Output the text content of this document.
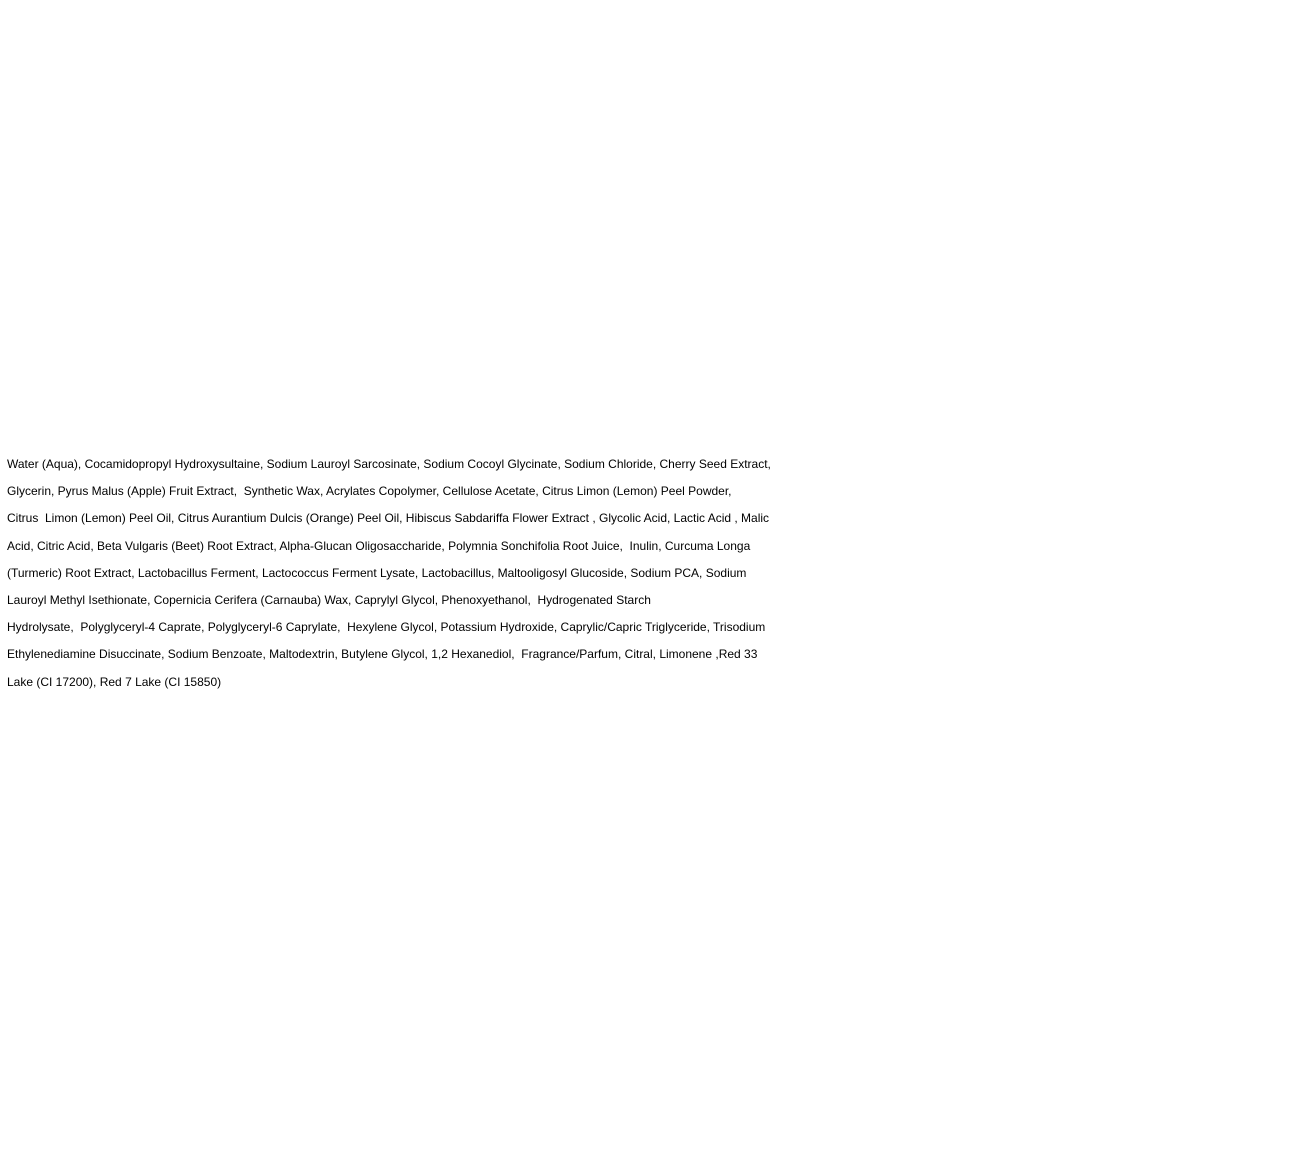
Water (Aqua), Cocamidopropyl Hydroxysultaine, Sodium Lauroyl Sarcosinate, Sodium Cocoyl Glycinate, Sodium Chloride, Cherry Seed Extract,
Glycerin, Pyrus Malus (Apple) Fruit Extract,  Synthetic Wax, Acrylates Copolymer, Cellulose Acetate, Citrus Limon (Lemon) Peel Powder,
Citrus  Limon (Lemon) Peel Oil, Citrus Aurantium Dulcis (Orange) Peel Oil, Hibiscus Sabdariffa Flower Extract , Glycolic Acid, Lactic Acid , Malic
Acid, Citric Acid, Beta Vulgaris (Beet) Root Extract, Alpha-Glucan Oligosaccharide, Polymnia Sonchifolia Root Juice,  Inulin, Curcuma Longa
(Turmeric) Root Extract, Lactobacillus Ferment, Lactococcus Ferment Lysate, Lactobacillus, Maltooligosyl Glucoside, Sodium PCA, Sodium
Lauroyl Methyl Isethionate, Copernicia Cerifera (Carnauba) Wax, Caprylyl Glycol, Phenoxyethanol,  Hydrogenated Starch
Hydrolysate,  Polyglyceryl-4 Caprate, Polyglyceryl-6 Caprylate,  Hexylene Glycol, Potassium Hydroxide, Caprylic/Capric Triglyceride, Trisodium
Ethylenediamine Disuccinate, Sodium Benzoate, Maltodextrin, Butylene Glycol, 1,2 Hexanediol,  Fragrance/Parfum, Citral, Limonene ,Red 33
Lake (CI 17200), Red 7 Lake (CI 15850)
